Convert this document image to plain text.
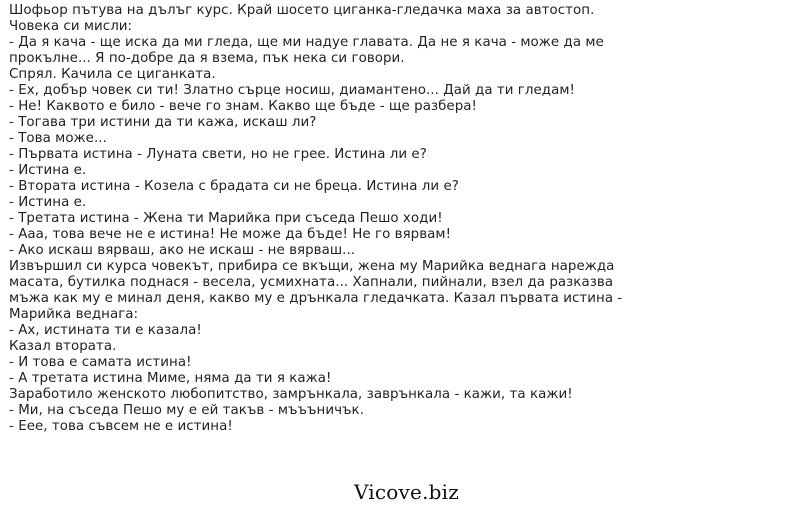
Шофьор пътува на дълъг курс. Край шосето циганка-гледачка маха за автостоп.
Човека си мисли:
- Да я кача - ще иска да ми гледа, ще ми надуе главата. Да не я кача - може да ме
прокълне... Я по-добре да я взема, пък нека си говори.
Спрял. Качила се циганката.
- Ех, добър човек си ти! Златно сърце носиш, диамантено... Дай да ти гледам!
- Не! Каквото е било - вече го знам. Какво ще бъде - ще разбера!
- Тогава три истини да ти кажа, искаш ли?
- Това може...
- Първата истина - Луната свети, но не грее. Истина ли е?
- Истина е.
- Втората истина - Козела с брадата си не бреца. Истина ли е?
- Истина е.
- Третата истина - Жена ти Марийка при съседа Пешо ходи!
- Ааа, това вече не е истина! Не може да бъде! Не го вярвам!
- Ако искаш вярваш, ако не искаш - не вярваш...
Извършил си курса човекът, прибира се вкъщи, жена му Марийка веднага нарежда
масата, бутилка поднася - весела, усмихната... Хапнали, пийнали, взел да разказва
мъжа как му е минал деня, какво му е дрънкала гледачката. Казал първата истина -
Марийка веднага:
- Ах, истината ти е казала!
Казал втората.
- И това е самата истина!
- А третата истина Миме, няма да ти я кажа!
Заработило женското любопитство, замрънкала, заврънкала - кажи, та кажи!
- Ми, на съседа Пешо му е ей такъв - мъъъничък.
- Еее, това съвсем не е истина!
Vicove.biz
